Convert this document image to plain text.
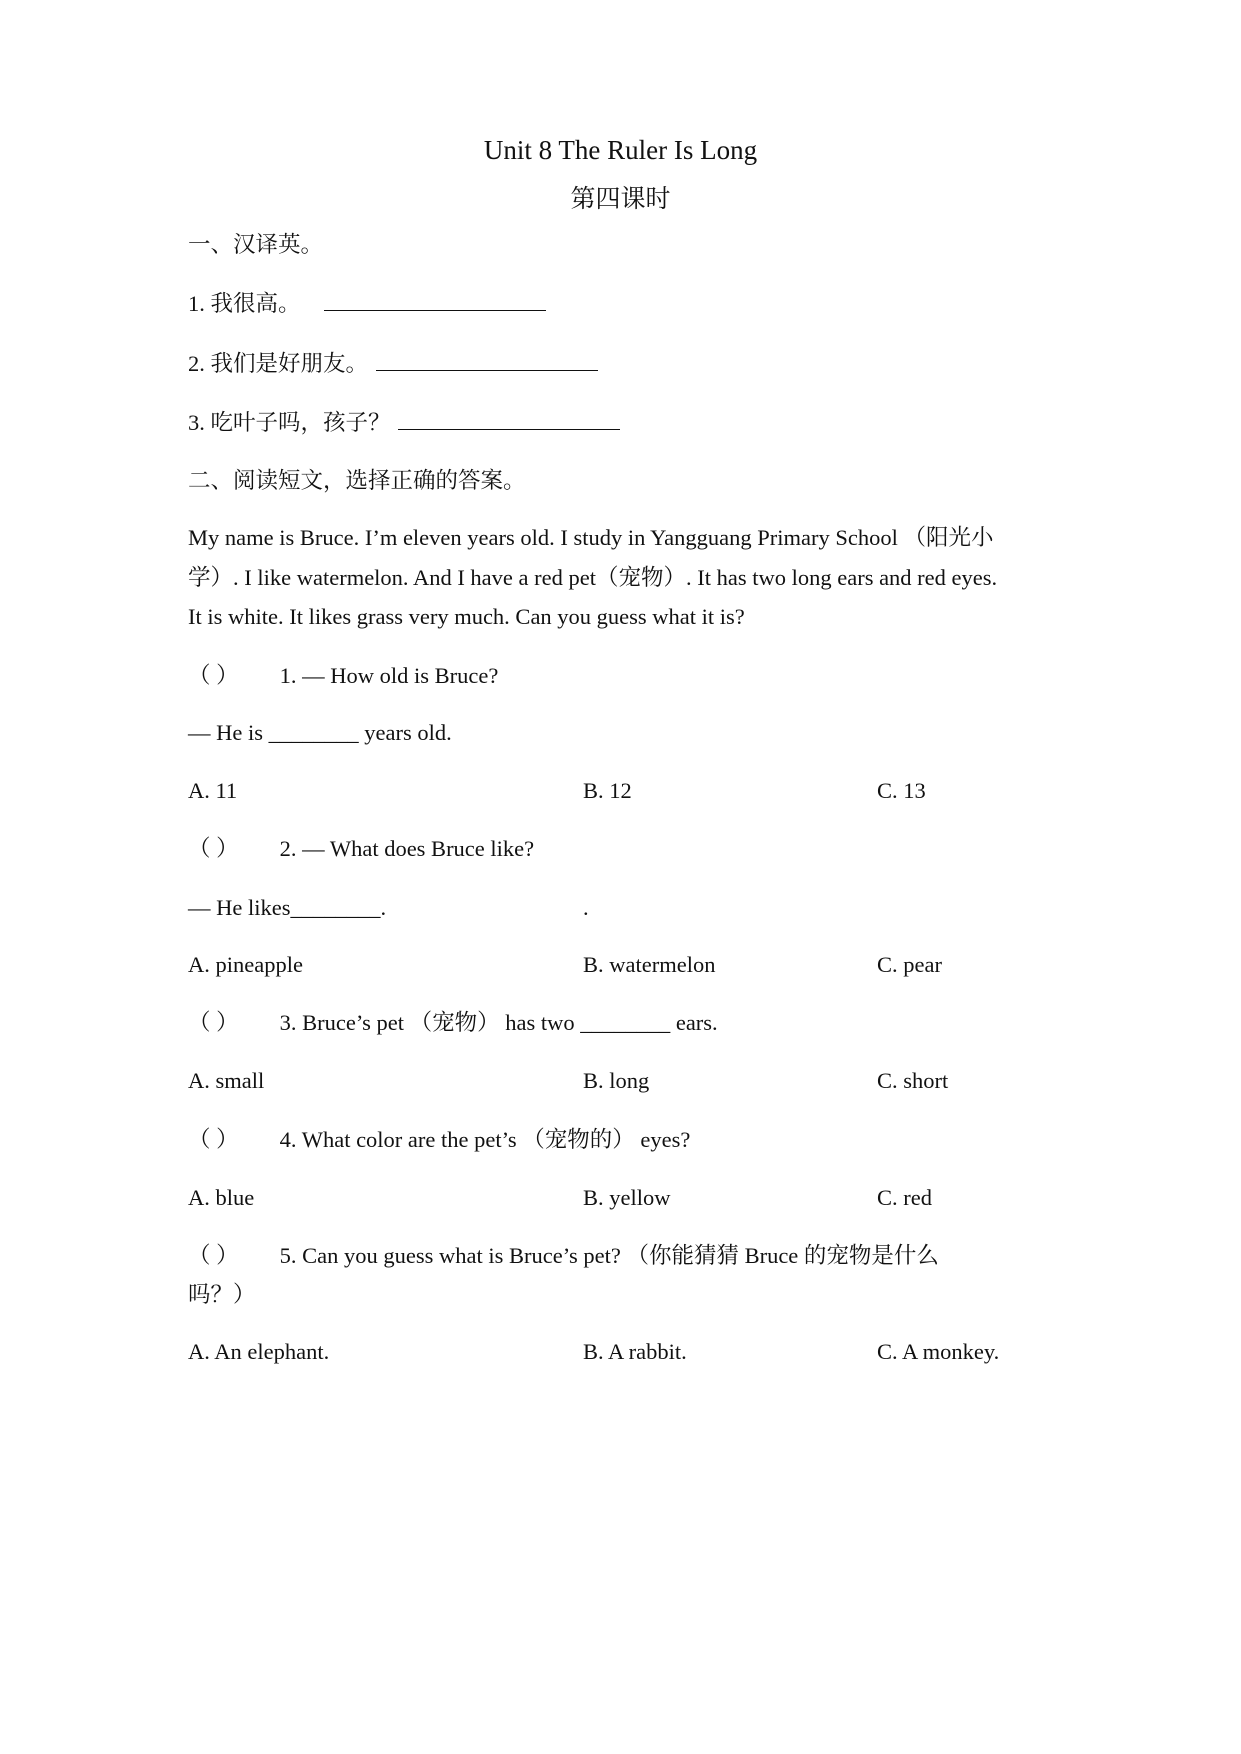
Unit 8 The Ruler Is Long
第四课时
一、汉译英。
1. 我很高。
2. 我们是好朋友。
3. 吃叶子吗，孩子？
二、阅读短文，选择正确的答案。
My name is Bruce. I’m eleven years old. I study in Yangguang Primary School （阳光小
学）. I like watermelon. And I have a red pet（宠物）. It has two long ears and red eyes.
It is white. It likes grass very much. Can you guess what it is?
（ ） 1. — How old is Bruce?
— He is ________ years old.
A. 11	B. 12	C. 13
（ ） 2. — What does Bruce like?
— He likes________.	.
A. pineapple	B. watermelon	C. pear
（ ） 3. Bruce’s pet （宠物） has two ________ ears.
A. small	B. long	C. short
（ ） 4. What color are the pet’s （宠物的） eyes?
A. blue	B. yellow	C. red
（ ） 5. Can you guess what is Bruce’s pet? （你能猜猜 Bruce 的宠物是什么
吗？）
A. An elephant.	B. A rabbit.	C. A monkey.
